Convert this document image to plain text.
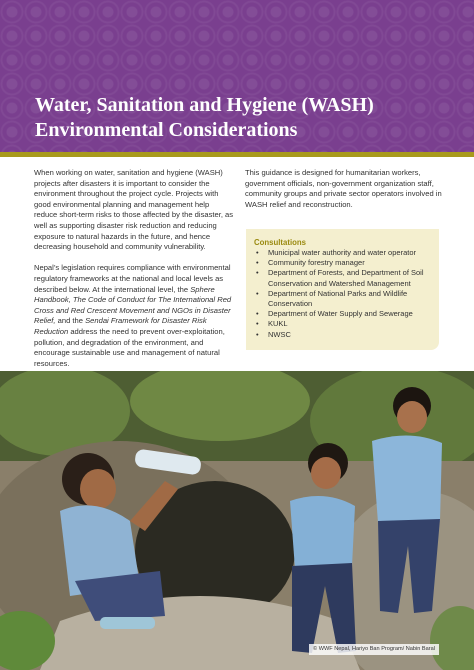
Water, Sanitation and Hygiene (WASH)
Environmental Considerations

When working on water, sanitation and hygiene (WASH) projects after disasters it is important to consider the environment throughout the project cycle. Projects with good environmental planning and management help reduce short-term risks to those affected by the disaster, as well as supporting disaster risk reduction and reducing exposure to natural hazards in the future, and hence decreasing household and community vulnerability.

Nepal’s legislation requires compliance with environmental regulatory frameworks at the national and local levels as described below. At the international level, the Sphere Handbook, The Code of Conduct for The International Red Cross and Red Crescent Movement and NGOs in Disaster Relief, and the Sendai Framework for Disaster Risk Reduction address the need to prevent over-exploitation, pollution, and degradation of the environment, and encourage sustainable use and management of natural resources.

This guidance is designed for humanitarian workers, government officials, non-government organization staff, community groups and private sector operators involved in WASH relief and reconstruction.

Consultations
• Municipal water authority and water operator
• Community forestry manager
• Department of Forests, and Department of Soil Conservation and Watershed Management
• Department of National Parks and Wildlife Conservation
• Department of Water Supply and Sewerage
• KUKL
• NWSC
© WWF Nepal, Hariyo Ban Program/ Nabin Baral
